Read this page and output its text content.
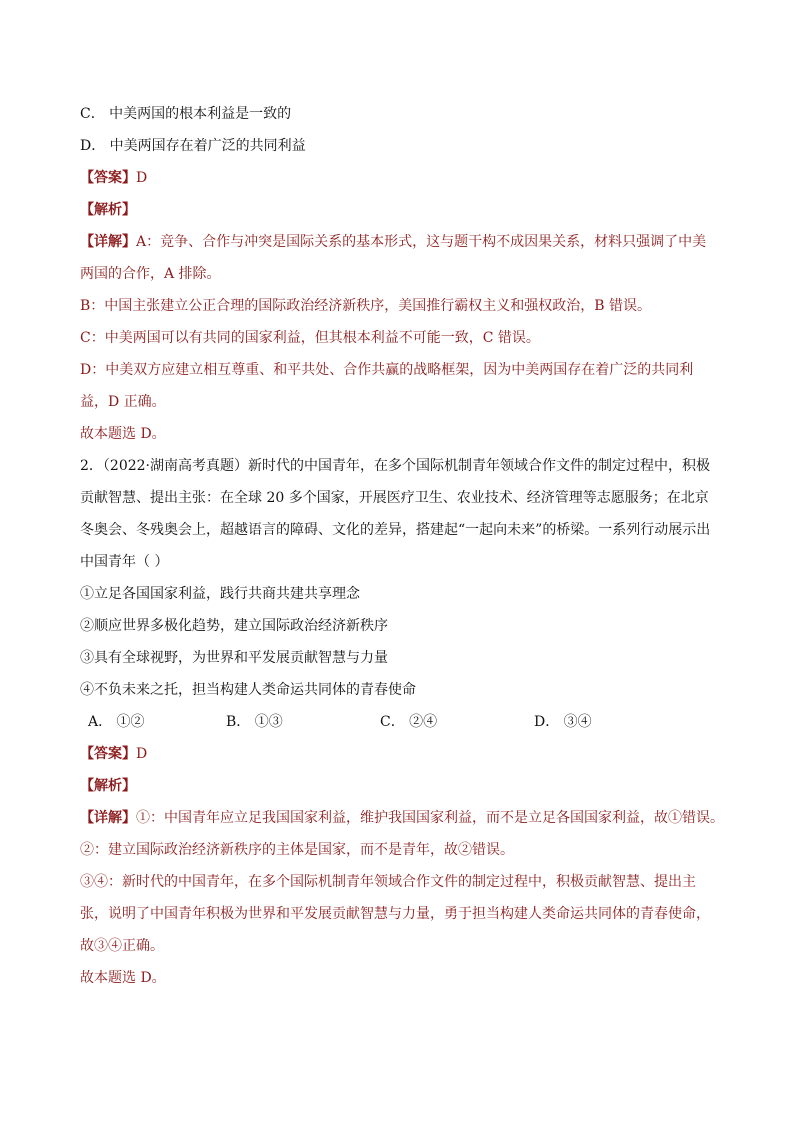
C． 中美两国的根本利益是一致的
D． 中美两国存在着广泛的共同利益
【答案】D
【解析】
【详解】A：竞争、合作与冲突是国际关系的基本形式，这与题干构不成因果关系，材料只强调了中美两国的合作，A 排除。
B：中国主张建立公正合理的国际政治经济新秩序，美国推行霸权主义和强权政治，B 错误。
C：中美两国可以有共同的国家利益，但其根本利益不可能一致，C 错误。
D：中美双方应建立相互尊重、和平共处、合作共赢的战略框架，因为中美两国存在着广泛的共同利益，D 正确。
故本题选 D。
2．（2022·湖南高考真题）新时代的中国青年，在多个国际机制青年领域合作文件的制定过程中，积极贡献智慧、提出主张：在全球 20 多个国家，开展医疗卫生、农业技术、经济管理等志愿服务；在北京冬奥会、冬残奥会上，超越语言的障碍、文化的差异，搭建起“一起向未来”的桥梁。一系列行动展示出中国青年（ ）
①立足各国国家利益，践行共商共建共享理念
②顺应世界多极化趋势，建立国际政治经济新秩序
③具有全球视野，为世界和平发展贡献智慧与力量
④不负未来之托，担当构建人类命运共同体的青春使命
A． ①②	B． ①③	C． ②④	D． ③④
【答案】D
【解析】
【详解】①：中国青年应立足我国国家利益，维护我国国家利益，而不是立足各国国家利益，故①错误。
②：建立国际政治经济新秩序的主体是国家，而不是青年，故②错误。
③④：新时代的中国青年，在多个国际机制青年领域合作文件的制定过程中，积极贡献智慧、提出主张，说明了中国青年积极为世界和平发展贡献智慧与力量，勇于担当构建人类命运共同体的青春使命，故③④正确。
故本题选 D。
